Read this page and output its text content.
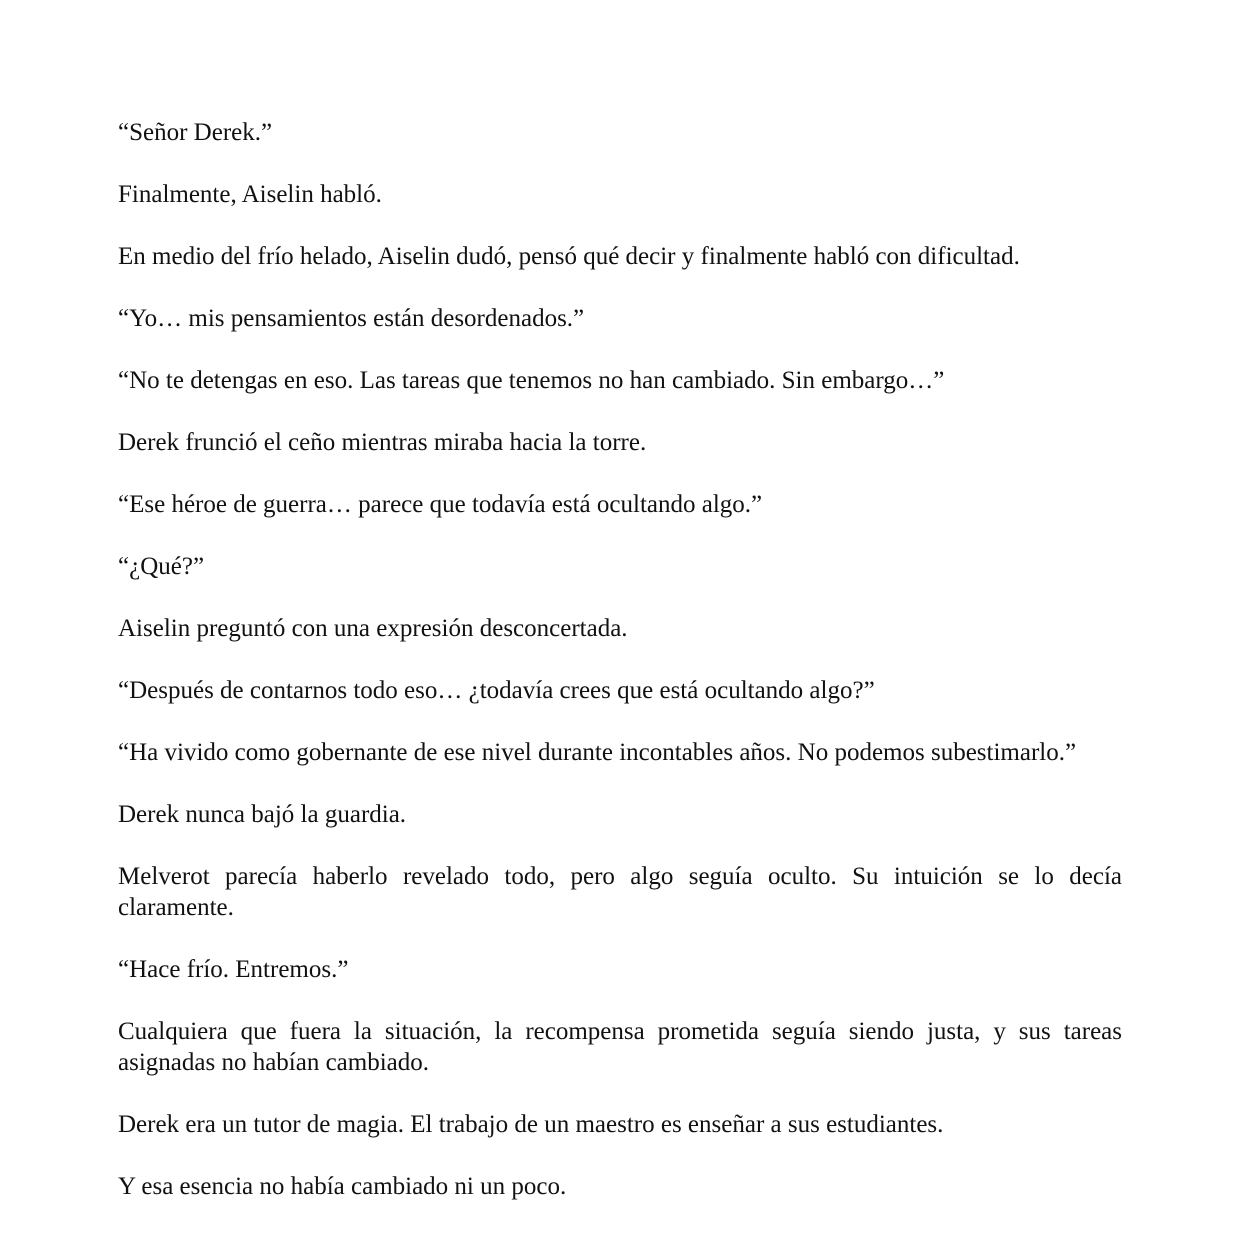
“Señor Derek.”

Finalmente, Aiselin habló.

En medio del frío helado, Aiselin dudó, pensó qué decir y finalmente habló con dificultad.

“Yo… mis pensamientos están desordenados.”

“No te detengas en eso. Las tareas que tenemos no han cambiado. Sin embargo…”

Derek frunció el ceño mientras miraba hacia la torre.

“Ese héroe de guerra… parece que todavía está ocultando algo.”

“¿Qué?”

Aiselin preguntó con una expresión desconcertada.

“Después de contarnos todo eso… ¿todavía crees que está ocultando algo?”

“Ha vivido como gobernante de ese nivel durante incontables años. No podemos subestimarlo.”

Derek nunca bajó la guardia.

Melverot parecía haberlo revelado todo, pero algo seguía oculto. Su intuición se lo decía claramente.

“Hace frío. Entremos.”

Cualquiera que fuera la situación, la recompensa prometida seguía siendo justa, y sus tareas asignadas no habían cambiado.

Derek era un tutor de magia. El trabajo de un maestro es enseñar a sus estudiantes.

Y esa esencia no había cambiado ni un poco.
